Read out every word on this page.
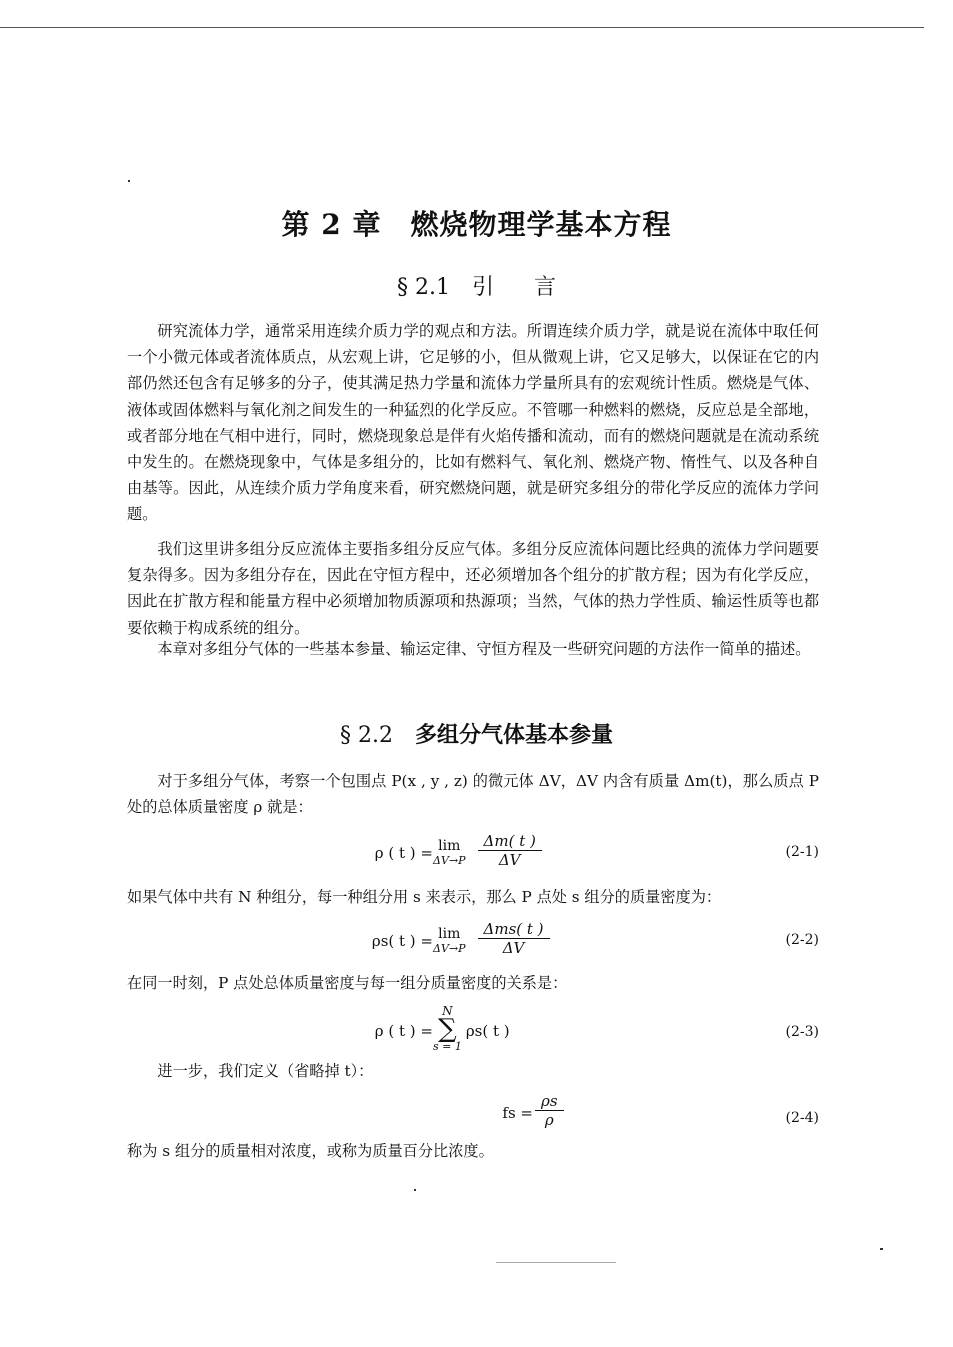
第 2 章　燃烧物理学基本方程
§ 2.1 引言

研究流体力学，通常采用连续介质力学的观点和方法。所谓连续介质力学，就是说在流体中取任何一个小微元体或者流体质点，从宏观上讲，它足够的小，但从微观上讲，它又足够大，以保证在它的内部仍然还包含有足够多的分子，使其满足热力学量和流体力学量所具有的宏观统计性质。燃烧是气体、液体或固体燃料与氧化剂之间发生的一种猛烈的化学反应。不管哪一种燃料的燃烧，反应总是全部地，或者部分地在气相中进行，同时，燃烧现象总是伴有火焰传播和流动，而有的燃烧问题就是在流动系统中发生的。在燃烧现象中，气体是多组分的，比如有燃料气、氧化剂、燃烧产物、惰性气、以及各种自由基等。因此，从连续介质力学角度来看，研究燃烧问题，就是研究多组分的带化学反应的流体力学问题。

我们这里讲多组分反应流体主要指多组分反应气体。多组分反应流体问题比经典的流体力学问题要复杂得多。因为多组分存在，因此在守恒方程中，还必须增加各个组分的扩散方程；因为有化学反应，因此在扩散方程和能量方程中必须增加物质源项和热源项；当然，气体的热力学性质、输运性质等也都要依赖于构成系统的组分。

本章对多组分气体的一些基本参量、输运定律、守恒方程及一些研究问题的方法作一简单的描述。

§ 2.2 多组分气体基本参量

对于多组分气体，考察一个包围点 P(x , y , z) 的微元体 ΔV，ΔV 内含有质量 Δm(t)，那么质点 P 处的总体质量密度 ρ 就是：

ρ ( t ) = lim
$\Delta V\to P \frac{\Delta m( t )}{\Delta V}$	(2-1)

如果气体中共有 N 种组分，每一种组分用 s 来表示，那么 P 点处 s 组分的质量密度为：

ρs( t ) = lim
$\Delta V\to P \frac{\text{Δms( t )}}{\Delta V}$	(2-2)

在同一时刻，P 点处总体质量密度与每一组分质量密度的关系是：

ρ ( t ) =
N
∑
s = 1
ρs( t )	(2-3)

进一步，我们定义（省略掉 t）：

fs = $\frac{\rho s}{\rho}$	(2-4)

称为 s 组分的质量相对浓度，或称为质量百分比浓度。
